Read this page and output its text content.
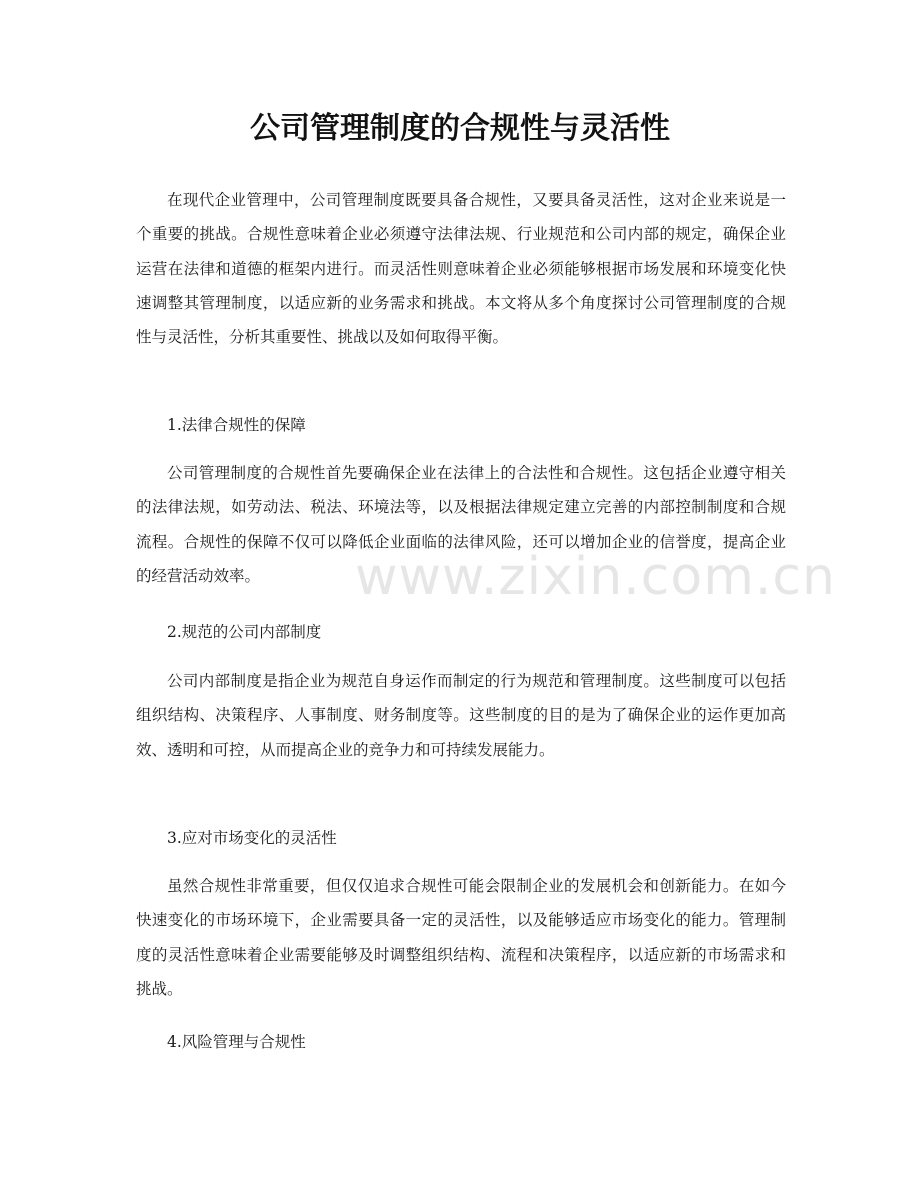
公司管理制度的合规性与灵活性

在现代企业管理中，公司管理制度既要具备合规性，又要具备灵活性，这对企业来说是一个重要的挑战。合规性意味着企业必须遵守法律法规、行业规范和公司内部的规定，确保企业运营在法律和道德的框架内进行。而灵活性则意味着企业必须能够根据市场发展和环境变化快速调整其管理制度，以适应新的业务需求和挑战。本文将从多个角度探讨公司管理制度的合规性与灵活性，分析其重要性、挑战以及如何取得平衡。

1.法律合规性的保障

公司管理制度的合规性首先要确保企业在法律上的合法性和合规性。这包括企业遵守相关的法律法规，如劳动法、税法、环境法等，以及根据法律规定建立完善的内部控制制度和合规流程。合规性的保障不仅可以降低企业面临的法律风险，还可以增加企业的信誉度，提高企业的经营活动效率。

2.规范的公司内部制度

公司内部制度是指企业为规范自身运作而制定的行为规范和管理制度。这些制度可以包括组织结构、决策程序、人事制度、财务制度等。这些制度的目的是为了确保企业的运作更加高效、透明和可控，从而提高企业的竞争力和可持续发展能力。

3.应对市场变化的灵活性

虽然合规性非常重要，但仅仅追求合规性可能会限制企业的发展机会和创新能力。在如今快速变化的市场环境下，企业需要具备一定的灵活性，以及能够适应市场变化的能力。管理制度的灵活性意味着企业需要能够及时调整组织结构、流程和决策程序，以适应新的市场需求和挑战。

4.风险管理与合规性

www.zixin.com.cn
